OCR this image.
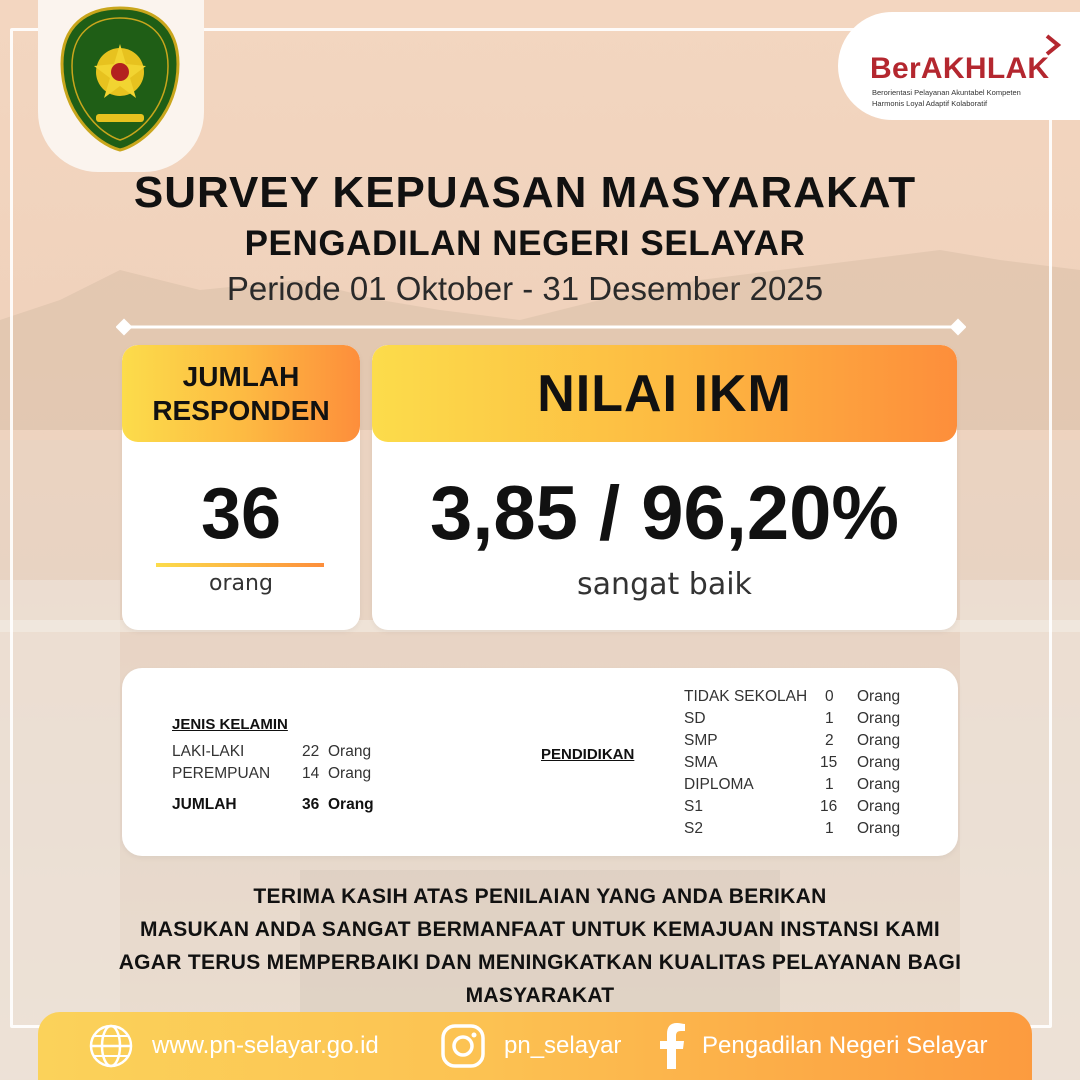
BerAKHLAK
Berorientasi Pelayanan Akuntabel Kompeten
Harmonis Loyal Adaptif Kolaboratif
SURVEY KEPUASAN MASYARAKAT
PENGADILAN NEGERI SELAYAR
Periode 01 Oktober - 31 Desember 2025
JUMLAH
RESPONDEN
36
orang
NILAI IKM
3,85 / 96,20%
sangat baik
JENIS KELAMIN
LAKI-LAKI	22 Orang
PEREMPUAN 14 Orang
JUMLAH	36 Orang
PENDIDIKAN
TIDAK SEKOLAH 0 Orang
SD	1 Orang
SMP	2 Orang
SMA	15 Orang
DIPLOMA	1 Orang
S1	16 Orang
S2	1 Orang
TERIMA KASIH ATAS PENILAIAN YANG ANDA BERIKAN
MASUKAN ANDA SANGAT BERMANFAAT UNTUK KEMAJUAN INSTANSI KAMI
AGAR TERUS MEMPERBAIKI DAN MENINGKATKAN KUALITAS PELAYANAN BAGI
MASYARAKAT
www.pn-selayar.go.id	pn_selayar	Pengadilan Negeri Selayar
